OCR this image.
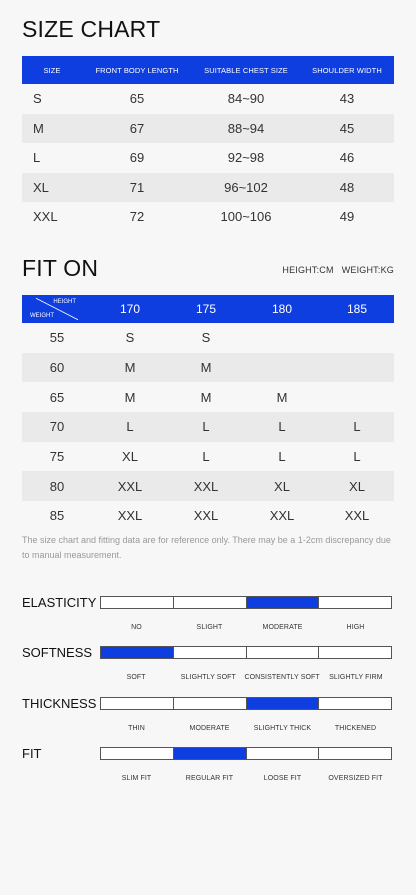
SIZE CHART
SIZE	FRONT BODY LENGTH	SUITABLE CHEST SIZE	SHOULDER WIDTH
S	65	84~90	43
M	67	88~94	45
L	69	92~98	46
XL	71	96~102	48
XXL	72	100~106	49
FIT ON	HEIGHT:CM WEIGHT:KG
HEIGHT
WEIGHT	170	175	180	185
55	S	S		
60	M	M		
65	M	M	M	
70	L	L	L	L
75	XL	L	L	L
80	XXL	XXL	XL	XL
85	XXL	XXL	XXL	XXL

The size chart and fitting data are for reference only. There may be a 1-2cm discrepancy due to manual measurement.

ELASTICITY
NO	SLIGHT	MODERATE	HIGH
SOFTNESS
SOFT	SLIGHTLY SOFT	CONSISTENTLY SOFT	SLIGHTLY FIRM
THICKNESS
THIN	MODERATE	SLIGHTLY THICK	THICKENED
FIT
SLIM FIT	REGULAR FIT	LOOSE FIT	OVERSIZED FIT
